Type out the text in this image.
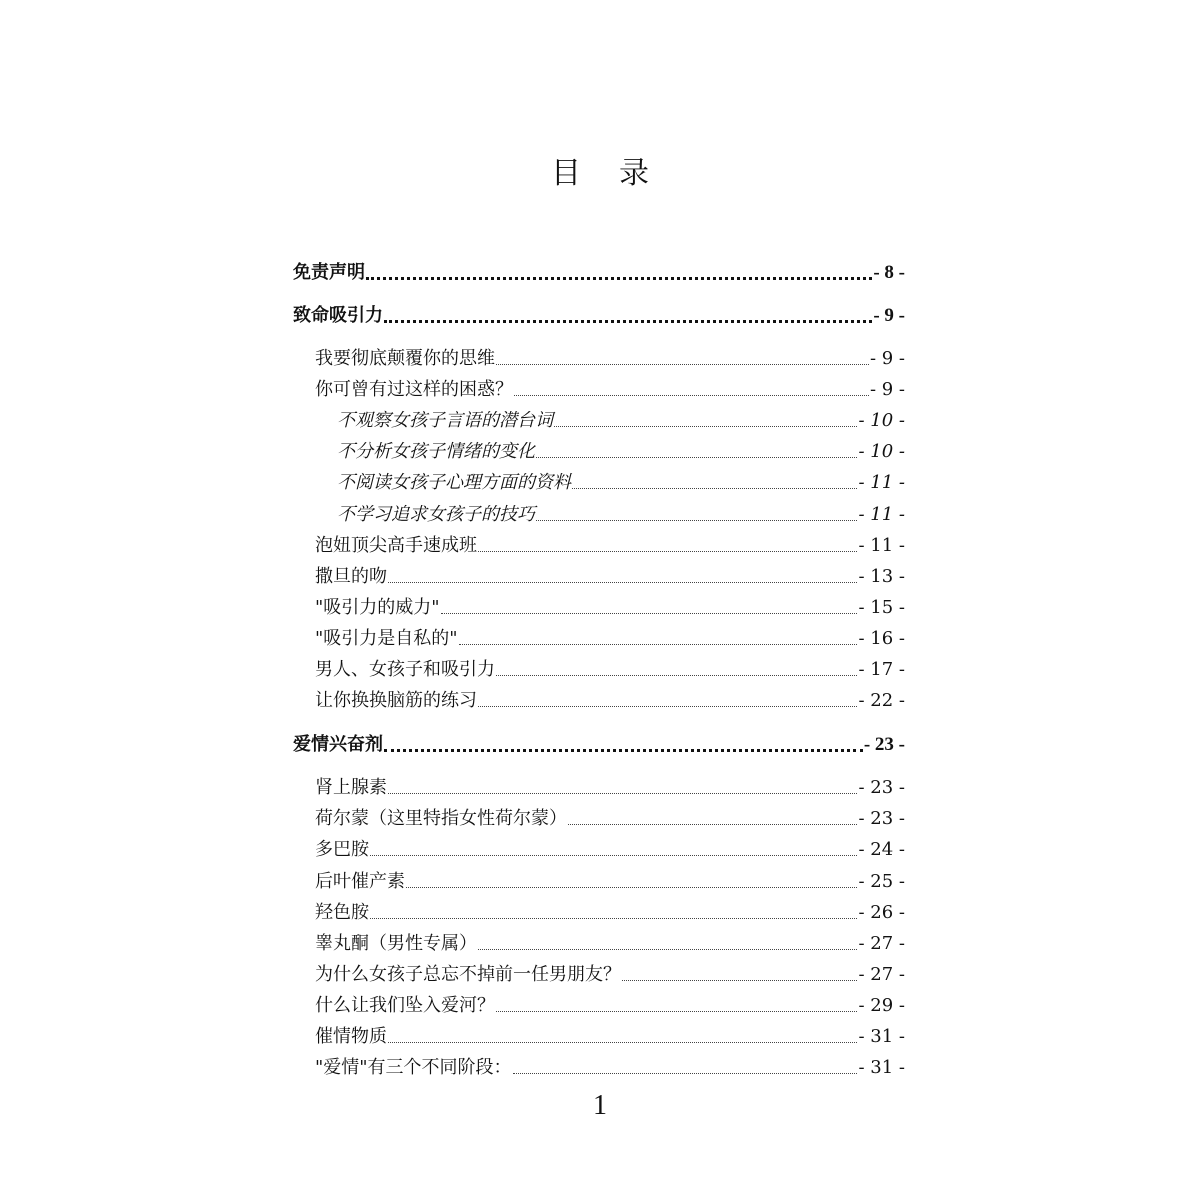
目 录
免责声明	- 8 -
致命吸引力	- 9 -
我要彻底颠覆你的思维	- 9 -
你可曾有过这样的困惑？	- 9 -
不观察女孩子言语的潜台词	- 10 -
不分析女孩子情绪的变化	- 10 -
不阅读女孩子心理方面的资料	- 11 -
不学习追求女孩子的技巧	- 11 -
泡妞顶尖高手速成班	- 11 -
撒旦的吻	- 13 -
"吸引力的威力"	- 15 -
"吸引力是自私的"	- 16 -
男人、女孩子和吸引力	- 17 -
让你换换脑筋的练习	- 22 -
爱情兴奋剂	- 23 -
肾上腺素	- 23 -
荷尔蒙（这里特指女性荷尔蒙）	- 23 -
多巴胺	- 24 -
后叶催产素	- 25 -
羟色胺	- 26 -
睾丸酮（男性专属）	- 27 -
为什么女孩子总忘不掉前一任男朋友？	- 27 -
什么让我们坠入爱河？	- 29 -
催情物质	- 31 -
"爱情"有三个不同阶段：	- 31 -
1
